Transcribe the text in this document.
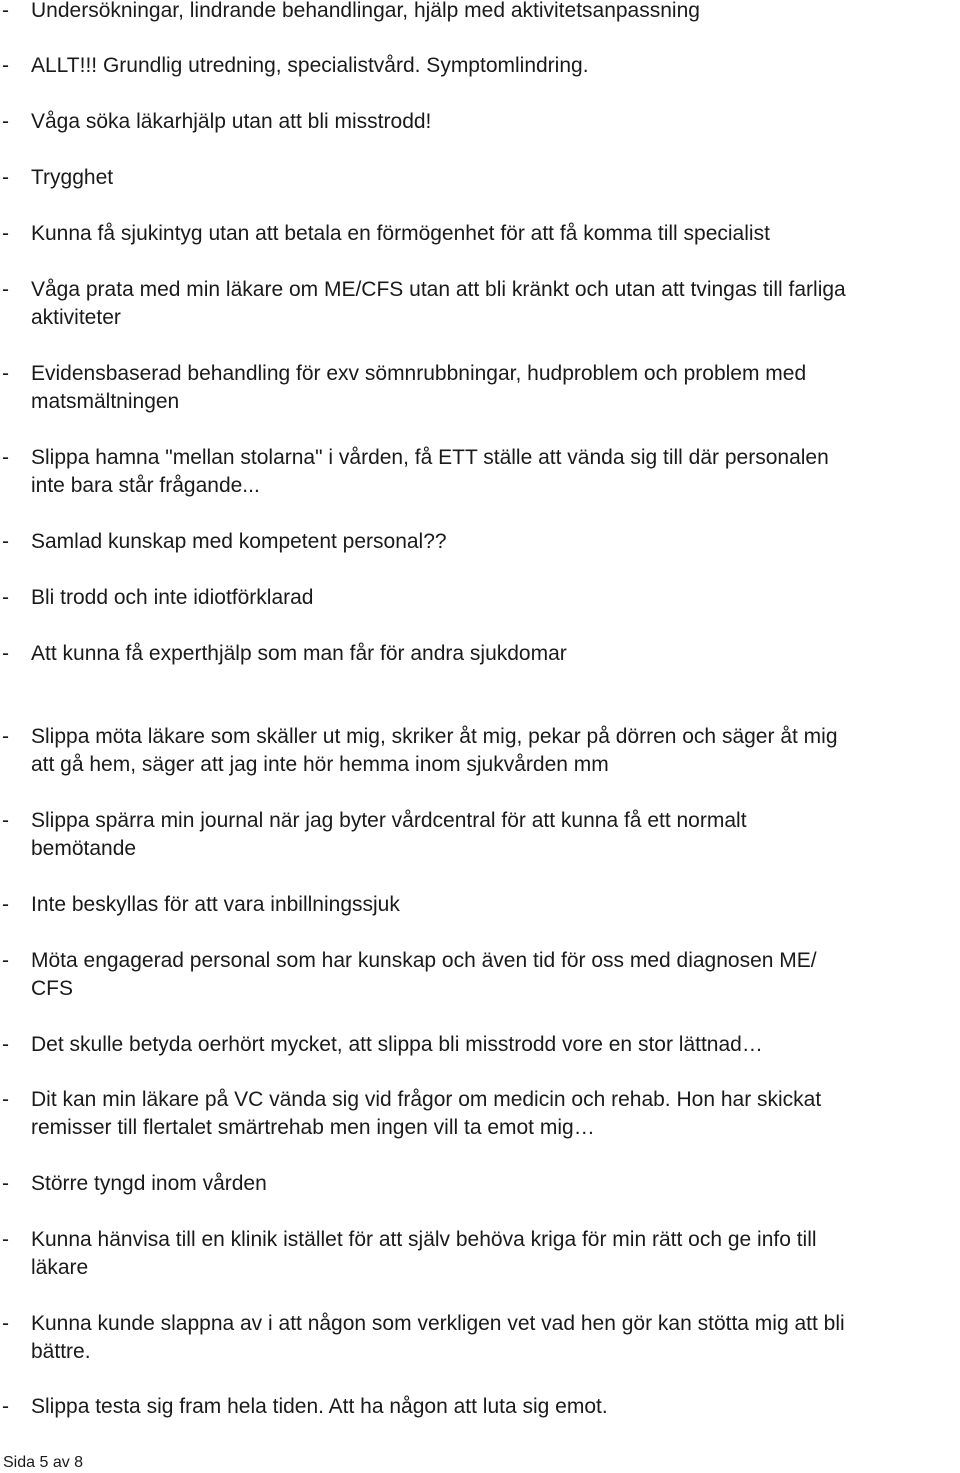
-	Undersökningar, lindrande behandlingar, hjälp med aktivitetsanpassning
-	ALLT!!! Grundlig utredning, specialistvård. Symptomlindring.
-	Våga söka läkarhjälp utan att bli misstrodd!
-	Trygghet
-	Kunna få sjukintyg utan att betala en förmögenhet för att få komma till specialist
-	Våga prata med min läkare om ME/CFS utan att bli kränkt och utan att tvingas till farliga
aktiviteter
-	Evidensbaserad behandling för exv sömnrubbningar, hudproblem och problem med
matsmältningen
-	Slippa hamna "mellan stolarna" i vården, få ETT ställe att vända sig till där personalen
inte bara står frågande...
-	Samlad kunskap med kompetent personal??
-	Bli trodd och inte idiotförklarad
-	Att kunna få experthjälp som man får för andra sjukdomar
-	Slippa möta läkare som skäller ut mig, skriker åt mig, pekar på dörren och säger åt mig
att gå hem, säger att jag inte hör hemma inom sjukvården mm
-	Slippa spärra min journal när jag byter vårdcentral för att kunna få ett normalt
bemötande
-	Inte beskyllas för att vara inbillningssjuk
-	Möta engagerad personal som har kunskap och även tid för oss med diagnosen ME/
CFS
-	Det skulle betyda oerhört mycket, att slippa bli misstrodd vore en stor lättnad…
-	Dit kan min läkare på VC vända sig vid frågor om medicin och rehab. Hon har skickat
remisser till flertalet smärtrehab men ingen vill ta emot mig…
-	Större tyngd inom vården
-	Kunna hänvisa till en klinik istället för att själv behöva kriga för min rätt och ge info till
läkare
-	Kunna kunde slappna av i att någon som verkligen vet vad hen gör kan stötta mig att bli
bättre.
-	Slippa testa sig fram hela tiden. Att ha någon att luta sig emot.
Sida 5 av 8
